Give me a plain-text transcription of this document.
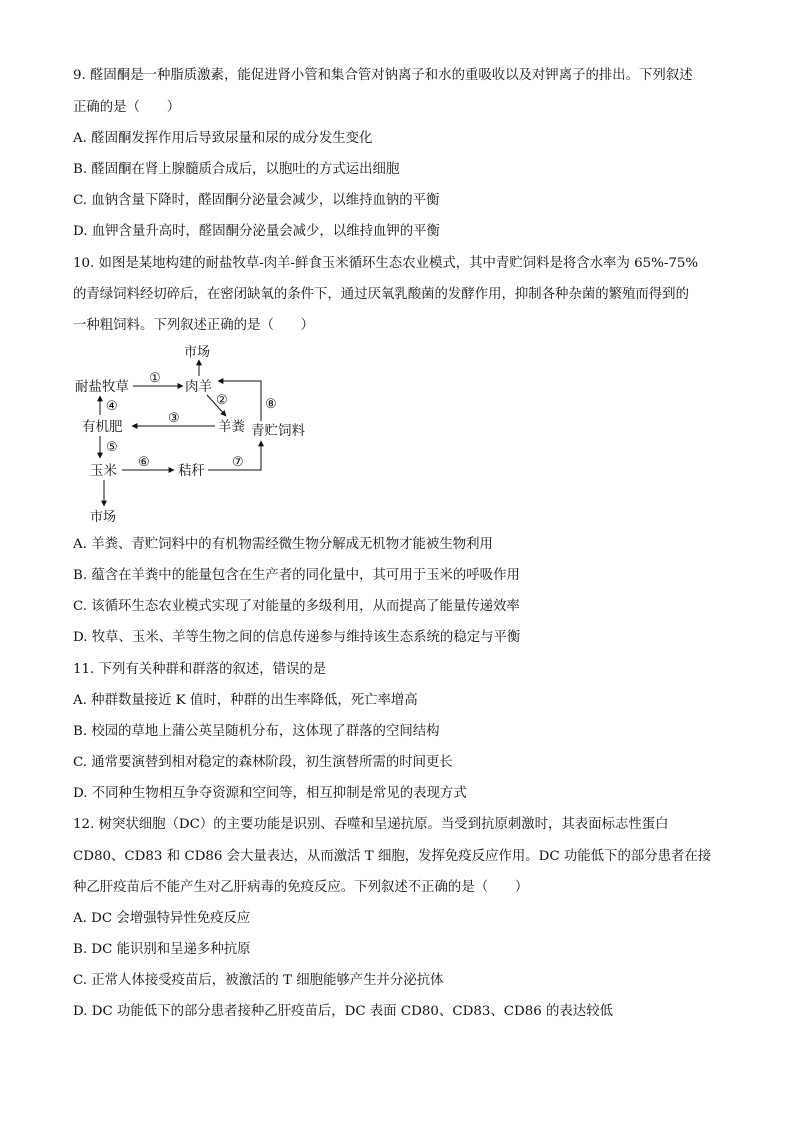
9. 醛固酮是一种脂质激素，能促进肾小管和集合管对钠离子和水的重吸收以及对钾离子的排出。下列叙述
正确的是（　　）
A. 醛固酮发挥作用后导致尿量和尿的成分发生变化
B. 醛固酮在肾上腺髓质合成后，以胞吐的方式运出细胞
C. 血钠含量下降时，醛固酮分泌量会减少，以维持血钠的平衡
D. 血钾含量升高时，醛固酮分泌量会减少，以维持血钾的平衡
10. 如图是某地构建的耐盐牧草-肉羊-鲜食玉米循环生态农业模式，其中青贮饲料是将含水率为 65%-75%
的青绿饲料经切碎后，在密闭缺氧的条件下，通过厌氧乳酸菌的发酵作用，抑制各种杂菌的繁殖而得到的
一种粗饲料。下列叙述正确的是（　　）
市场
耐盐牧草	肉羊
羊粪
有机肥	青贮饲料
玉米	秸秆
市场
①
②
③
④
⑤
⑥	⑦
⑧
A. 羊粪、青贮饲料中的有机物需经微生物分解成无机物才能被生物利用
B. 蕴含在羊粪中的能量包含在生产者的同化量中，其可用于玉米的呼吸作用
C. 该循环生态农业模式实现了对能量的多级利用，从而提高了能量传递效率
D. 牧草、玉米、羊等生物之间的信息传递参与维持该生态系统的稳定与平衡
11. 下列有关种群和群落的叙述，错误的是
A. 种群数量接近 K 值时，种群的出生率降低，死亡率增高
B. 校园的草地上蒲公英呈随机分布，这体现了群落的空间结构
C. 通常要演替到相对稳定的森林阶段，初生演替所需的时间更长
D. 不同种生物相互争夺资源和空间等，相互抑制是常见的表现方式
12. 树突状细胞（DC）的主要功能是识别、吞噬和呈递抗原。当受到抗原刺激时，其表面标志性蛋白
CD80、CD83 和 CD86 会大量表达，从而激活 T 细胞，发挥免疫反应作用。DC 功能低下的部分患者在接
种乙肝疫苗后不能产生对乙肝病毒的免疫反应。下列叙述不正确的是（　　）
A. DC 会增强特异性免疫反应
B. DC 能识别和呈递多种抗原
C. 正常人体接受疫苗后，被激活的 T 细胞能够产生并分泌抗体
D. DC 功能低下的部分患者接种乙肝疫苗后，DC 表面 CD80、CD83、CD86 的表达较低
